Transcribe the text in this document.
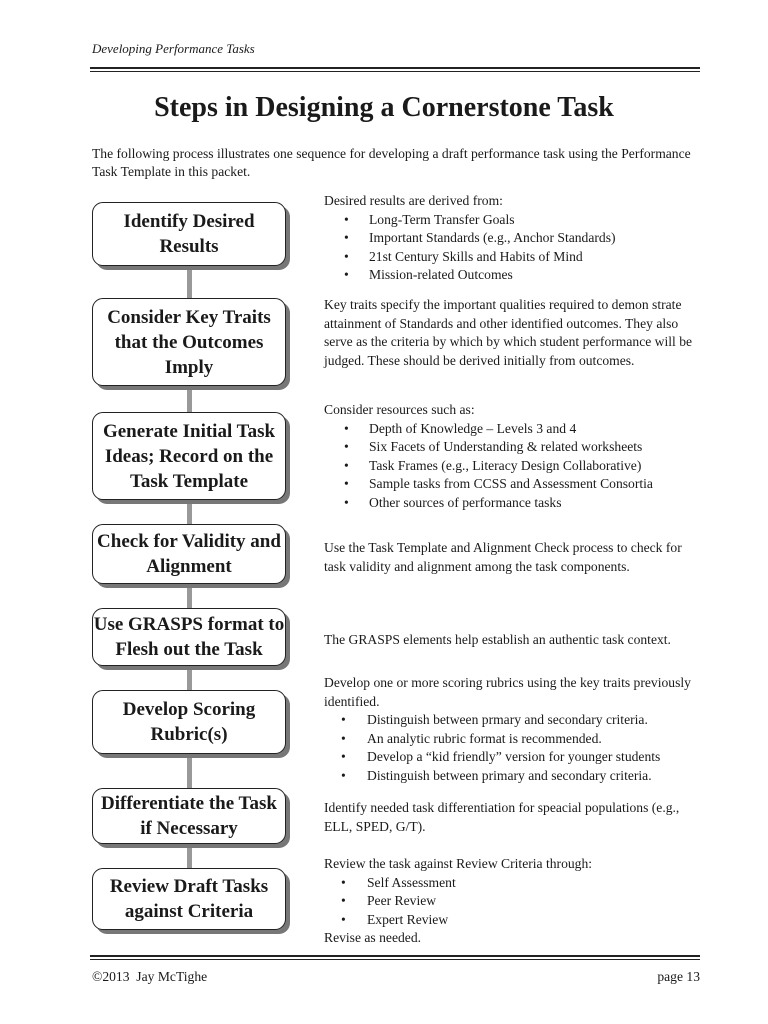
Developing Performance Tasks
Steps in Designing a Cornerstone Task
The following process illustrates one sequence for developing a draft performance task using the Performance Task Template in this packet.
Identify Desired Results
Desired results are derived from:
• Long-Term Transfer Goals
• Important Standards (e.g., Anchor Standards)
• 21st Century Skills and Habits of Mind
• Mission-related Outcomes
Consider Key Traits that the Outcomes Imply
Key traits specify the important qualities required to demon strate attainment of Standards and other identified outcomes. They also serve as the criteria by which by which student performance will be judged. These should be derived initially from outcomes.
Generate Initial Task Ideas; Record on the Task Template
Consider resources such as:
• Depth of Knowledge – Levels 3 and 4
• Six Facets of Understanding & related worksheets
• Task Frames (e.g., Literacy Design Collaborative)
• Sample tasks from CCSS and Assessment Consortia
• Other sources of performance tasks
Check for Validity and Alignment
Use the Task Template and Alignment Check process to check for task validity and alignment among the task components.
Use GRASPS format to Flesh out the Task	The GRASPS elements help establish an authentic task context.
Develop Scoring Rubric(s)
Develop one or more scoring rubrics using the key traits previously identified.
• Distinguish between prmary and secondary criteria.
• An analytic rubric format is recommended.
• Develop a “kid friendly” version for younger students
• Distinguish between primary and secondary criteria.
Differentiate the Task if Necessary
Identify needed task differentiation for speacial populations (e.g., ELL, SPED, G/T).
Review Draft Tasks against Criteria
Review the task against Review Criteria through:
• Self Assessment
• Peer Review
• Expert Review
Revise as needed.
©2013  Jay McTighe	page 13
